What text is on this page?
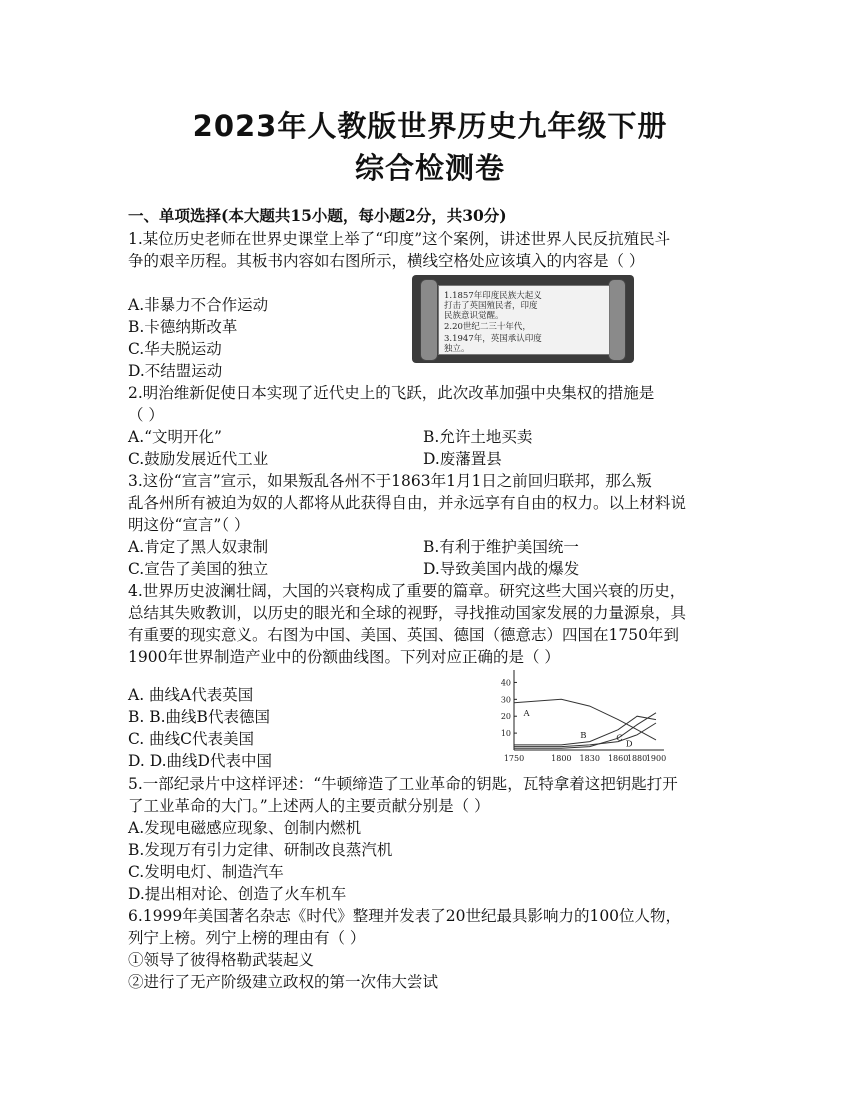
2023年人教版世界历史九年级下册
综合检测卷
一、单项选择(本大题共15小题，每小题2分，共30分)
1.某位历史老师在世界史课堂上举了“印度”这个案例，讲述世界人民反抗殖民斗
争的艰辛历程。其板书内容如右图所示，横线空格处应该填入的内容是（ ）
A.非暴力不合作运动
B.卡德纳斯改革
C.华夫脱运动
D.不结盟运动
1.1857年印度民族大起义
打击了英国殖民者，印度
民族意识觉醒。
2.20世纪二三十年代，
3.1947年，英国承认印度
独立。
2.明治维新促使日本实现了近代史上的飞跃，此次改革加强中央集权的措施是
（ ）
A.“文明开化”	B.允许土地买卖
C.鼓励发展近代工业	D.废藩置县
3.这份“宣言”宣示，如果叛乱各州不于1863年1月1日之前回归联邦，那么叛
乱各州所有被迫为奴的人都将从此获得自由，并永远享有自由的权力。以上材料说
明这份“宣言”（ ）
A.肯定了黑人奴隶制	B.有利于维护美国统一
C.宣告了美国的独立	D.导致美国内战的爆发
4.世界历史波澜壮阔，大国的兴衰构成了重要的篇章。研究这些大国兴衰的历史，
总结其失败教训，以历史的眼光和全球的视野，寻找推动国家发展的力量源泉，具
有重要的现实意义。右图为中国、美国、英国、德国（德意志）四国在1750年到
1900年世界制造产业中的份额曲线图。下列对应正确的是（ ）
A. 曲线A代表英国
B. B.曲线B代表德国
C. 曲线C代表美国
D. D.曲线D代表中国
10
20
30
40
1750	1800 1830 1860
1880
1900
A
B	C
D
5.一部纪录片中这样评述：“牛顿缔造了工业革命的钥匙，瓦特拿着这把钥匙打开
了工业革命的大门。”上述两人的主要贡献分别是（ ）
A.发现电磁感应现象、创制内燃机
B.发现万有引力定律、研制改良蒸汽机
C.发明电灯、制造汽车
D.提出相对论、创造了火车机车
6.1999年美国著名杂志《时代》整理并发表了20世纪最具影响力的100位人物，
列宁上榜。列宁上榜的理由有（ ）
①领导了彼得格勒武装起义
②进行了无产阶级建立政权的第一次伟大尝试
